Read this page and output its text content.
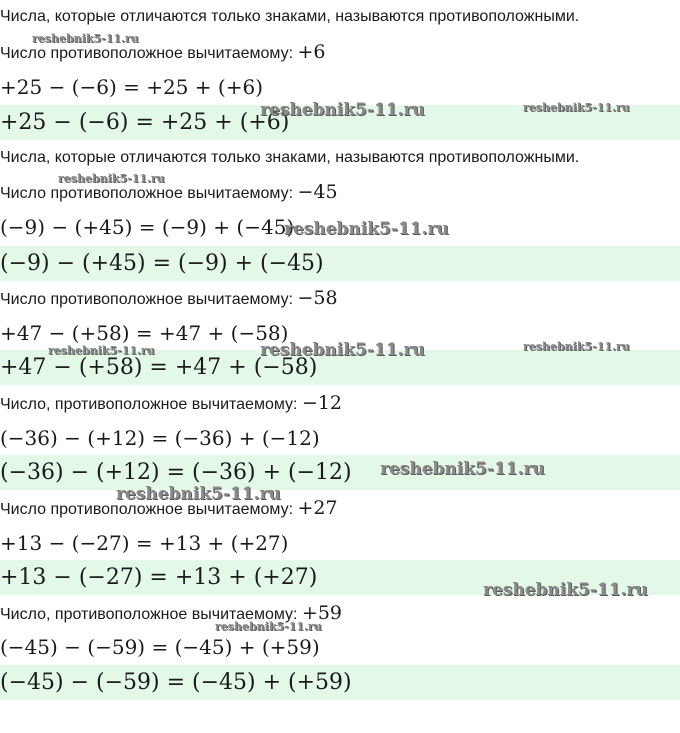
Числа, которые отличаются только знаками, называются противоположными.
Число противоположное вычитаемому: +6
+25 − (−6) = +25 + (+6)
+25 − (−6) = +25 + (+6)
Числа, которые отличаются только знаками, называются противоположными.
Число противоположное вычитаемому: −45
(−9) − (+45) = (−9) + (−45)
(−9) − (+45) = (−9) + (−45)
Число противоположное вычитаемому: −58
+47 − (+58) = +47 + (−58)
+47 − (+58) = +47 + (−58)
Число, противоположное вычитаемому: −12
(−36) − (+12) = (−36) + (−12)
(−36) − (+12) = (−36) + (−12)
Число противоположное вычитаемому: +27
+13 − (−27) = +13 + (+27)
+13 − (−27) = +13 + (+27)
Число, противоположное вычитаемому: +59
(−45) − (−59) = (−45) + (+59)
(−45) − (−59) = (−45) + (+59)
reshebnik5-11.ru
reshebnik5-11.ru	reshebnik5-11.ru
reshebnik5-11.ru
reshebnik5-11.ru
reshebnik5-11.ru	reshebnik5-11.ru	reshebnik5-11.ru
reshebnik5-11.ru
reshebnik5-11.ru
reshebnik5-11.ru
reshebnik5-11.ru
